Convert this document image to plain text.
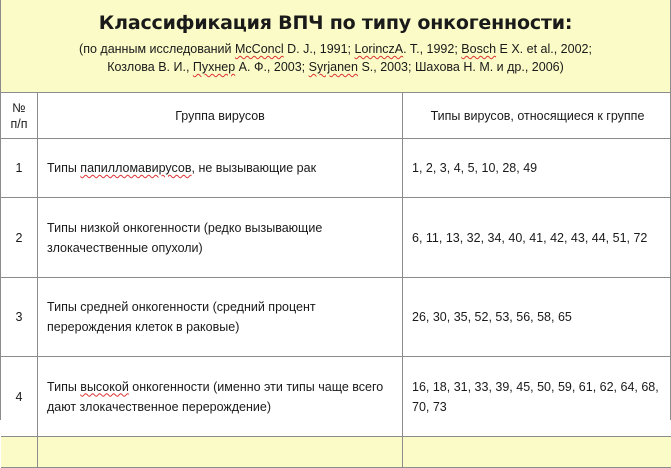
Классификация ВПЧ по типу онкогенности:
(по данным исследований McConcl D. J., 1991; LorinczA. T., 1992; Bosch E X. et al., 2002;
Козлова В. И., Пухнер А. Ф., 2003; Syrjanen S., 2003; Шахова Н. М. и др., 2006)
№
п/п	Группа вирусов	Типы вирусов, относящиеся к группе
1	Типы папилломавирусов, не вызывающие рак	1, 2, 3, 4, 5, 10, 28, 49
2	Типы низкой онкогенности (редко вызывающие злокачественные опухоли)	6, 11, 13, 32, 34, 40, 41, 42, 43, 44, 51, 72
3	Типы средней онкогенности (средний процент перерождения клеток в раковые)	26, 30, 35, 52, 53, 56, 58, 65
4	Типы высокой онкогенности (именно эти типы чаще всего дают злокачественное перерождение)	16, 18, 31, 33, 39, 45, 50, 59, 61, 62, 64, 68, 70, 73
